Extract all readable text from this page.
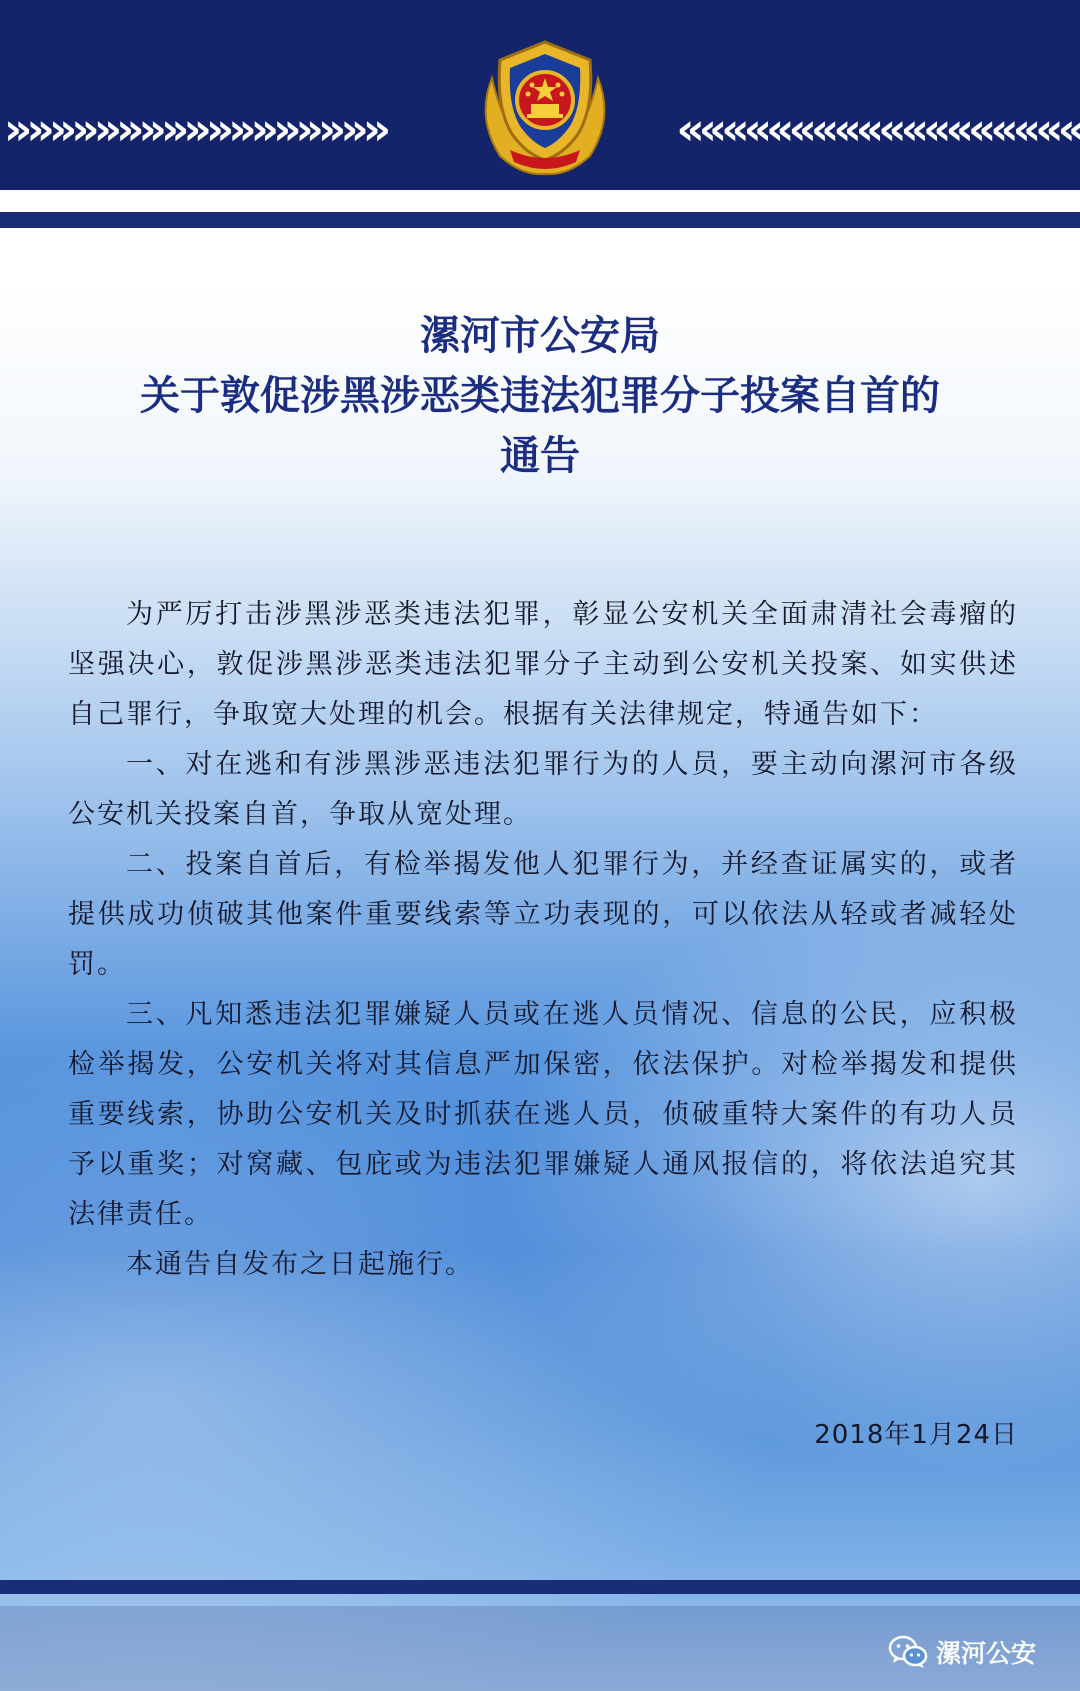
»»»»»»»»»»»»»»»»»	««««««««««««««««««
漯河市公安局
关于敦促涉黑涉恶类违法犯罪分子投案自首的
通告

为严厉打击涉黑涉恶类违法犯罪，彰显公安机关全面肃清社会毒瘤的坚强决心，敦促涉黑涉恶类违法犯罪分子主动到公安机关投案、如实供述自己罪行，争取宽大处理的机会。根据有关法律规定，特通告如下：

一、对在逃和有涉黑涉恶违法犯罪行为的人员，要主动向漯河市各级公安机关投案自首，争取从宽处理。

二、投案自首后，有检举揭发他人犯罪行为，并经查证属实的，或者提供成功侦破其他案件重要线索等立功表现的，可以依法从轻或者减轻处罚。

三、凡知悉违法犯罪嫌疑人员或在逃人员情况、信息的公民，应积极检举揭发，公安机关将对其信息严加保密，依法保护。对检举揭发和提供重要线索，协助公安机关及时抓获在逃人员，侦破重特大案件的有功人员予以重奖；对窝藏、包庇或为违法犯罪嫌疑人通风报信的，将依法追究其法律责任。

本通告自发布之日起施行。

2018年1月24日
漯河公安
